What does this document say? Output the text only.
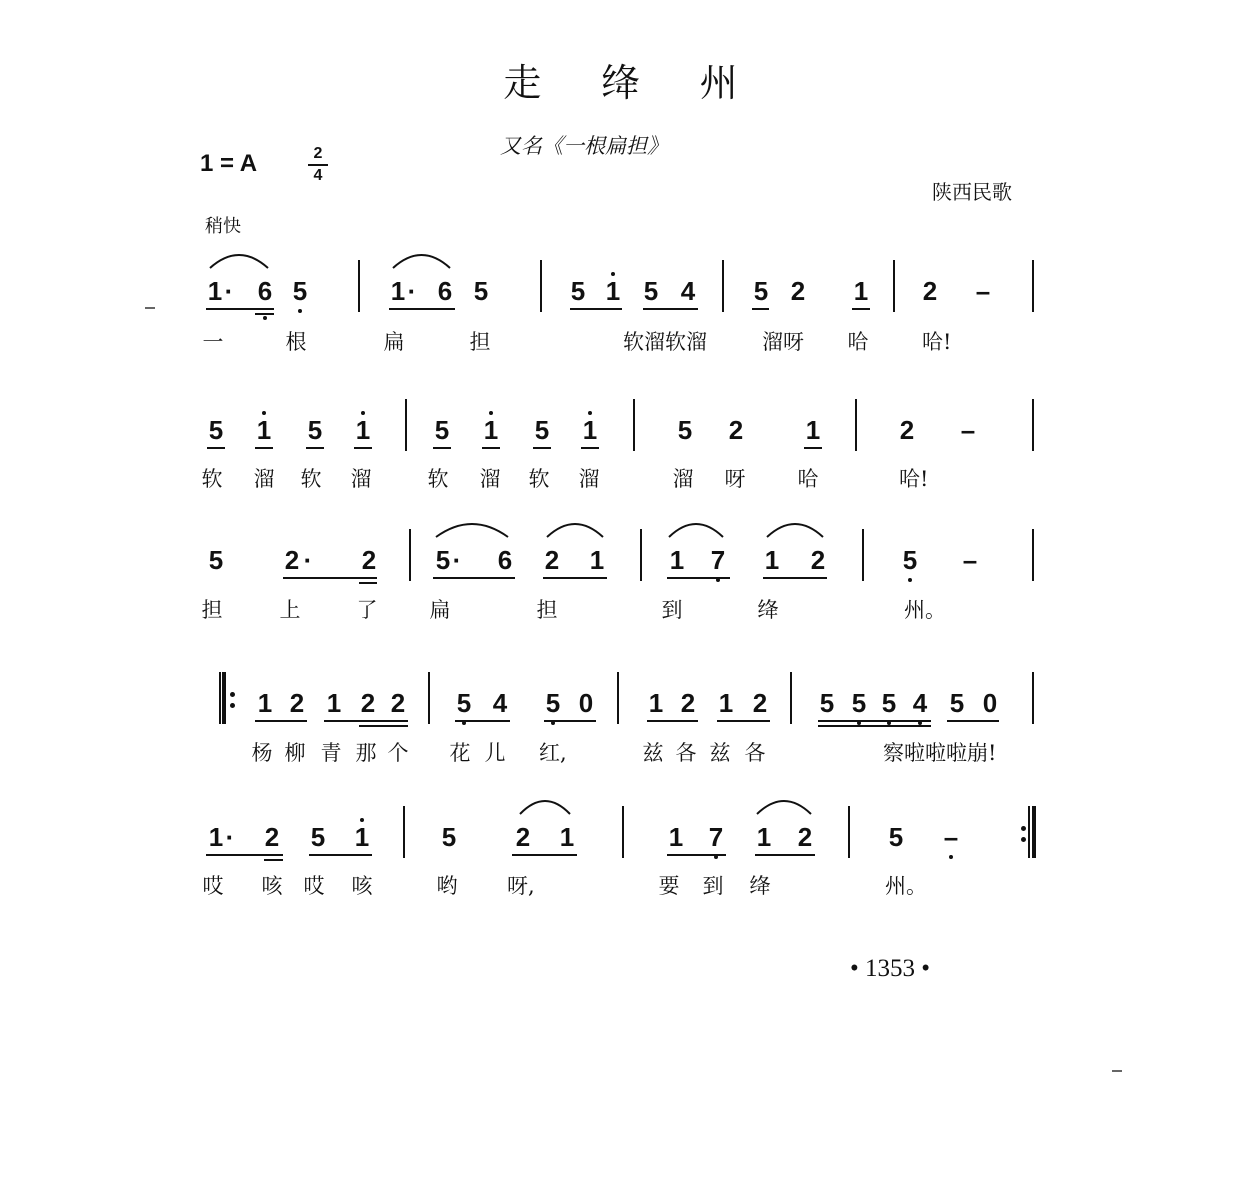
走 绛 州
又名《一根扁担》
1 = A	2
4
陕西民歌
稍快
• 1353 •
1 · 6 5	1 · 6 5	5 1 5 4 5 2 1 2 –
一	根	扁	担	软溜软溜	溜呀	哈	哈!
5 1 5 1 5 1 5 1	5 2 1	2 –
软	溜	软	溜	软	溜	软	溜	溜	呀	哈	哈!
5 2 · 2 5 · 6 2 1	1 7 1 2	5 –
担	上	了	扁	担	到	绛	州。
1 2 1 2 2 5 4 5 0 1 2 1 2 5 5 5 4 5 0
杨 柳 青 那 个	花 儿	红,	兹 各 兹 各	察啦啦啦崩!
1 · 2 5 1	5 2 1	1 7 1 2	5 –
哎	咳	哎	咳	哟	呀,	要	到	绛	州。
